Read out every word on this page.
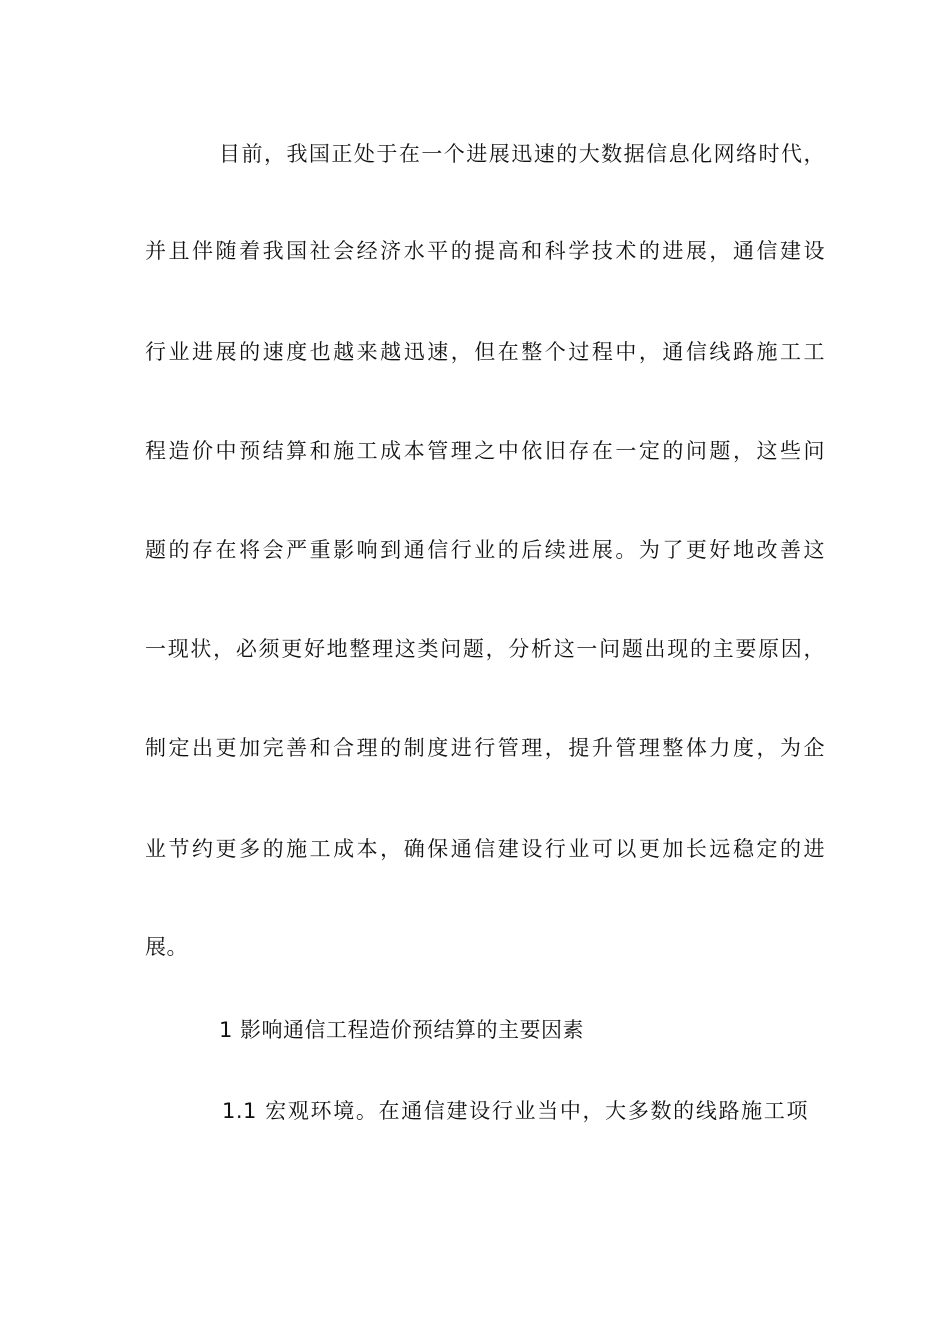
目前，我国正处于在一个进展迅速的大数据信息化网络时代，
并且伴随着我国社会经济水平的提高和科学技术的进展，通信建设
行业进展的速度也越来越迅速，但在整个过程中，通信线路施工工
程造价中预结算和施工成本管理之中依旧存在一定的问题，这些问
题的存在将会严重影响到通信行业的后续进展。为了更好地改善这
一现状，必须更好地整理这类问题，分析这一问题出现的主要原因，
制定出更加完善和合理的制度进行管理，提升管理整体力度，为企
业节约更多的施工成本，确保通信建设行业可以更加长远稳定的进
展。
1 影响通信工程造价预结算的主要因素
1.1 宏观环境。在通信建设行业当中，大多数的线路施工项
